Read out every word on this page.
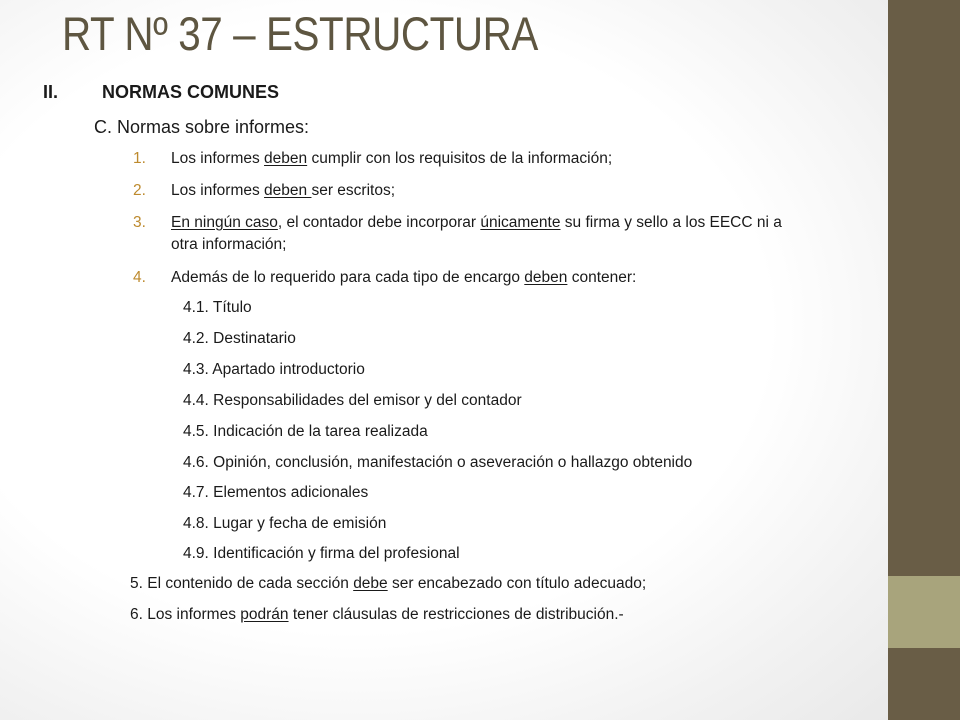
RT Nº 37 – ESTRUCTURA
II. NORMAS COMUNES
C. Normas sobre informes:
1. Los informes deben cumplir con los requisitos de la información;
2. Los informes deben ser escritos;
3. En ningún caso, el contador debe incorporar únicamente su firma y sello a los EECC ni a
otra información;
4. Además de lo requerido para cada tipo de encargo deben contener:
4.1. Título
4.2. Destinatario
4.3. Apartado introductorio
4.4. Responsabilidades del emisor y del contador
4.5. Indicación de la tarea realizada
4.6. Opinión, conclusión, manifestación o aseveración o hallazgo obtenido
4.7. Elementos adicionales
4.8. Lugar y fecha de emisión
4.9. Identificación y firma del profesional
5. El contenido de cada sección debe ser encabezado con título adecuado;
6. Los informes podrán tener cláusulas de restricciones de distribución.-
